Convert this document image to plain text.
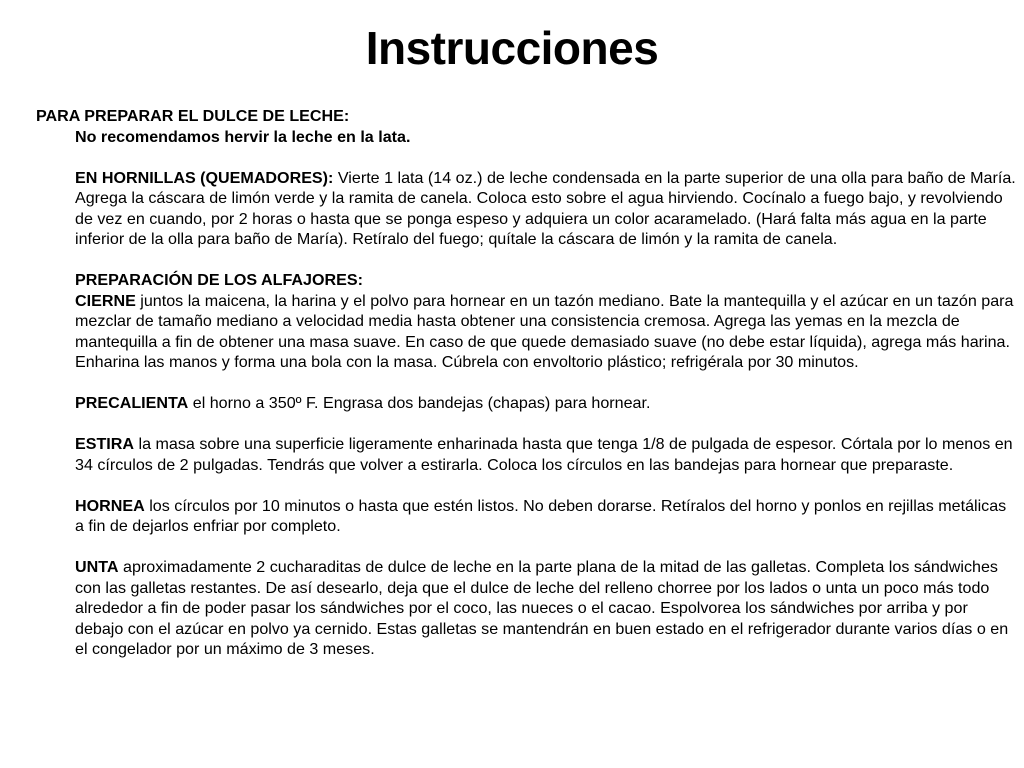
Instrucciones

PARA PREPARAR EL DULCE DE LECHE:

No recomendamos hervir la leche en la lata.

EN HORNILLAS (QUEMADORES): Vierte 1 lata (14 oz.) de leche condensada en la parte superior de una olla para baño de María. Agrega la cáscara de limón verde y la ramita de canela. Coloca esto sobre el agua hirviendo. Cocínalo a fuego bajo, y revolviendo de vez en cuando, por 2 horas o hasta que se ponga espeso y adquiera un color acaramelado. (Hará falta más agua en la parte inferior de la olla para baño de María). Retíralo del fuego; quítale la cáscara de limón y la ramita de canela.

PREPARACIÓN DE LOS ALFAJORES:

CIERNE juntos la maicena, la harina y el polvo para hornear en un tazón mediano. Bate la mantequilla y el azúcar en un tazón para mezclar de tamaño mediano a velocidad media hasta obtener una consistencia cremosa. Agrega las yemas en la mezcla de mantequilla a fin de obtener una masa suave. En caso de que quede demasiado suave (no debe estar líquida), agrega más harina. Enharina las manos y forma una bola con la masa. Cúbrela con envoltorio plástico; refrigérala por 30 minutos.

PRECALIENTA el horno a 350º F. Engrasa dos bandejas (chapas) para hornear.

ESTIRA la masa sobre una superficie ligeramente enharinada hasta que tenga 1/8 de pulgada de espesor. Córtala por lo menos en 34 círculos de 2 pulgadas. Tendrás que volver a estirarla. Coloca los círculos en las bandejas para hornear que preparaste.

HORNEA los círculos por 10 minutos o hasta que estén listos. No deben dorarse. Retíralos del horno y ponlos en rejillas metálicas a fin de dejarlos enfriar por completo.

UNTA aproximadamente 2 cucharaditas de dulce de leche en la parte plana de la mitad de las galletas. Completa los sándwiches con las galletas restantes. De así desearlo, deja que el dulce de leche del relleno chorree por los lados o unta un poco más todo alrededor a fin de poder pasar los sándwiches por el coco, las nueces o el cacao. Espolvorea los sándwiches por arriba y por debajo con el azúcar en polvo ya cernido. Estas galletas se mantendrán en buen estado en el refrigerador durante varios días o en el congelador por un máximo de 3 meses.
